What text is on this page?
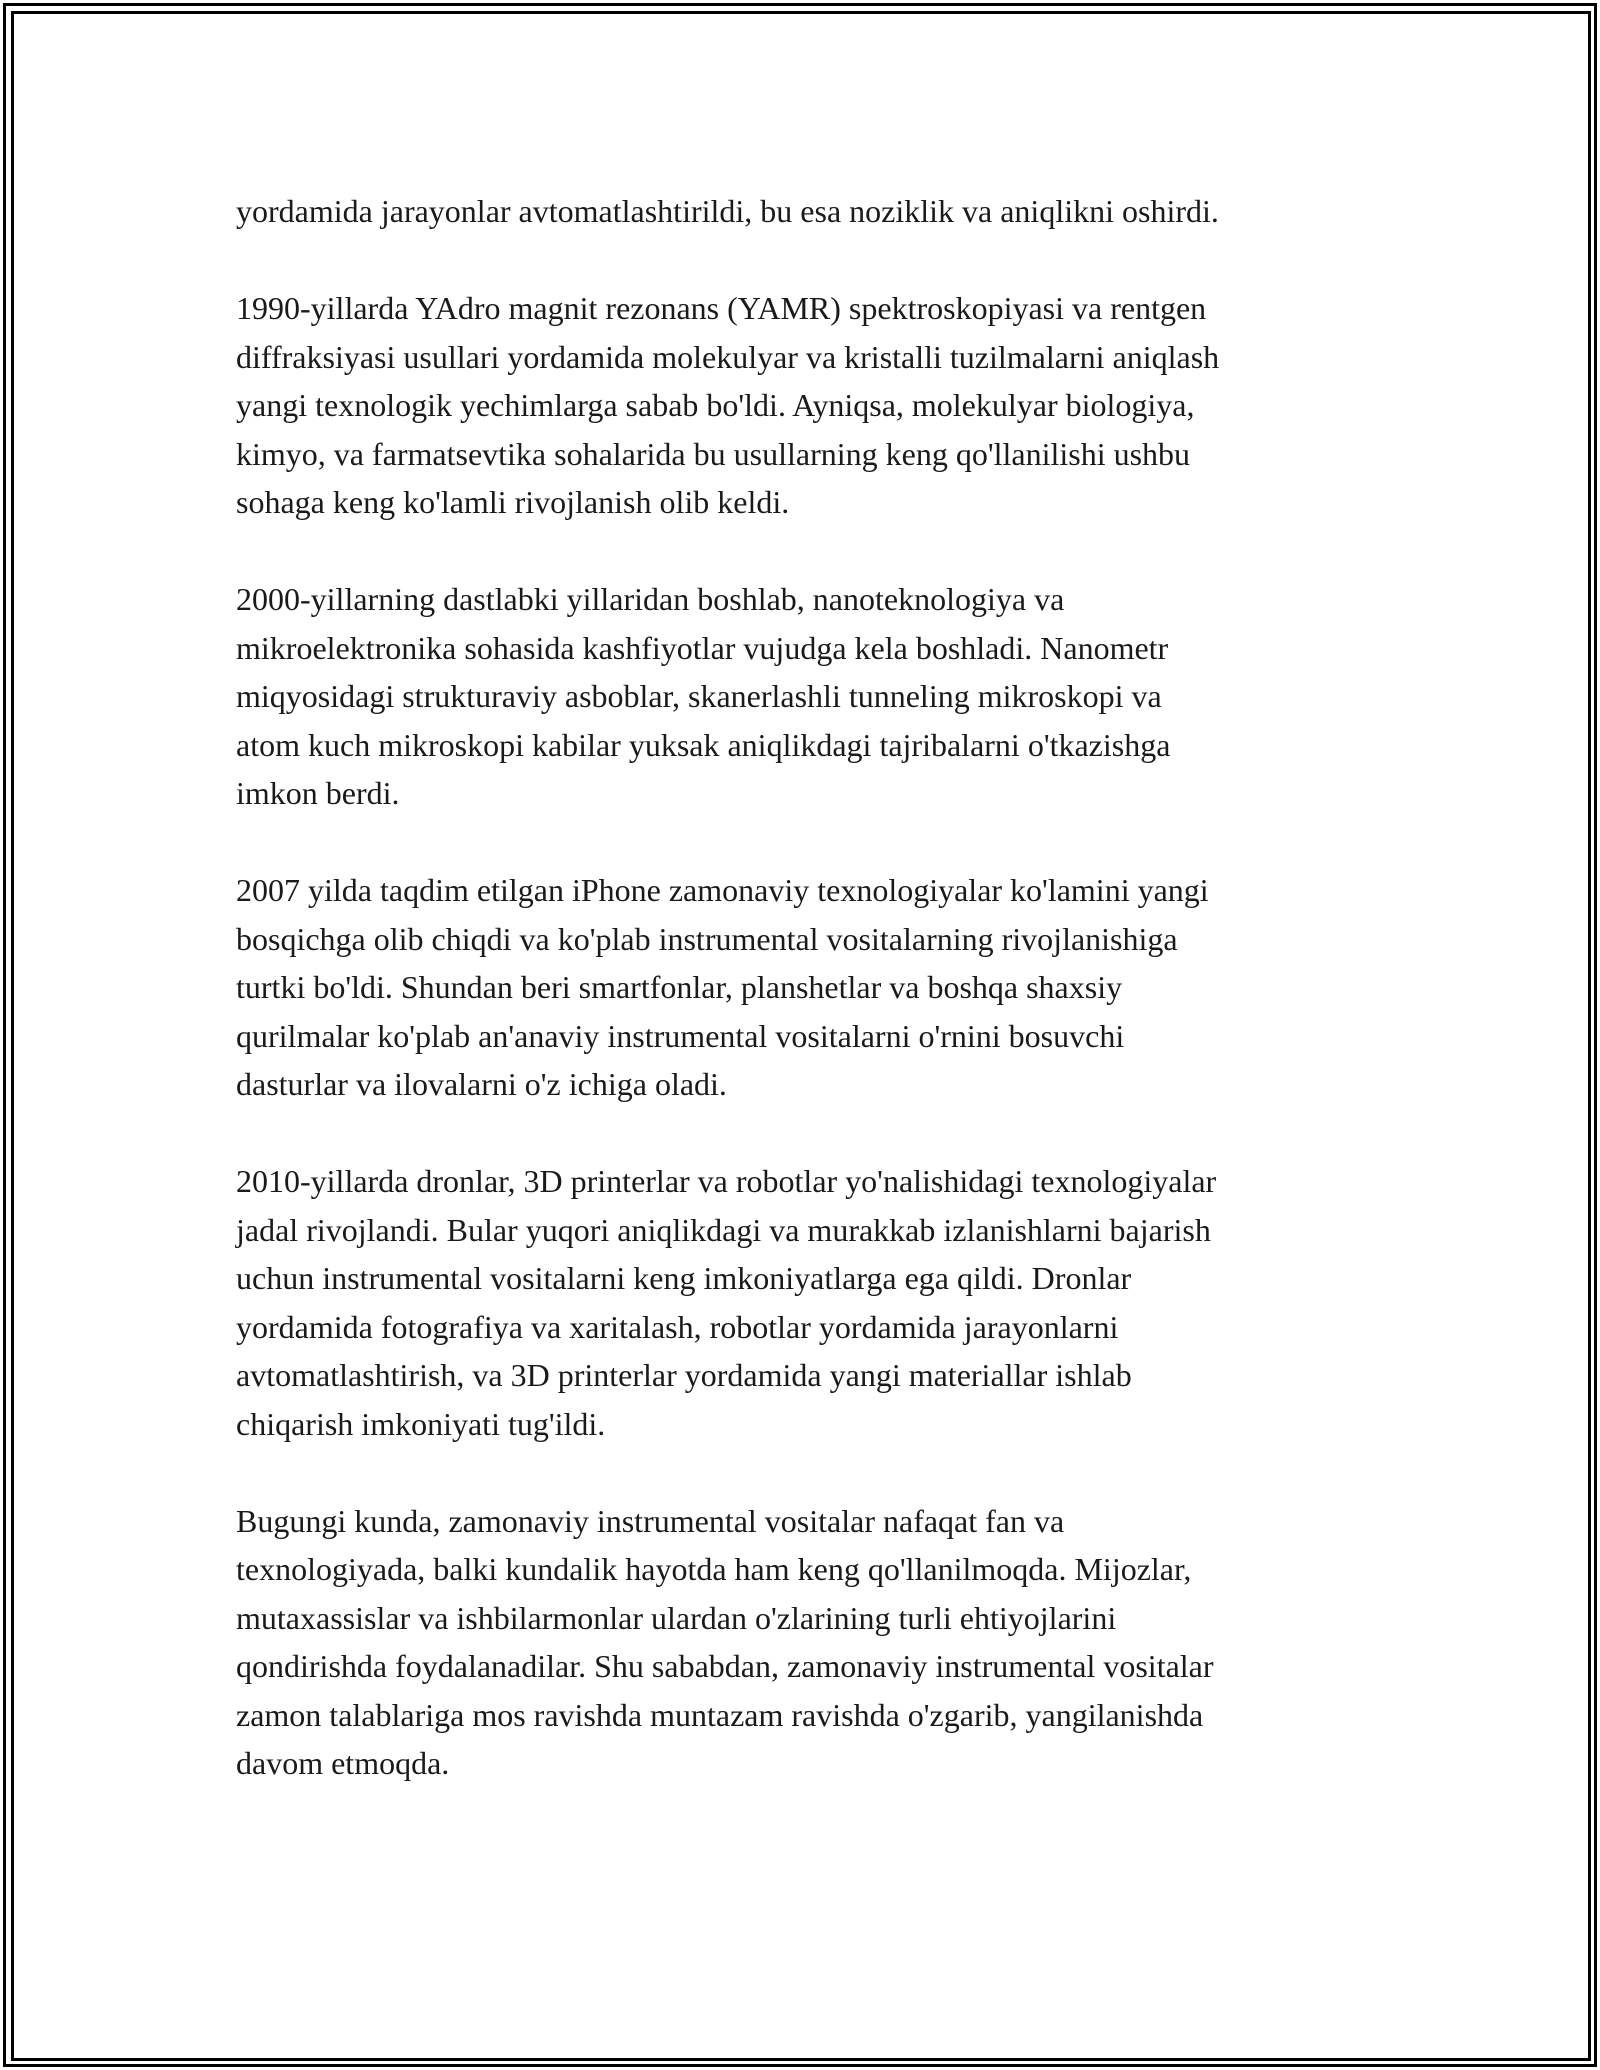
yordamida jarayonlar avtomatlashtirildi, bu esa noziklik va aniqlikni oshirdi.

1990-yillarda YAdro magnit rezonans (YAMR) spektroskopiyasi va rentgen
diffraksiyasi usullari yordamida molekulyar va kristalli tuzilmalarni aniqlash
yangi texnologik yechimlarga sabab bo'ldi. Ayniqsa, molekulyar biologiya,
kimyo, va farmatsevtika sohalarida bu usullarning keng qo'llanilishi ushbu
sohaga keng ko'lamli rivojlanish olib keldi.

2000-yillarning dastlabki yillaridan boshlab, nanoteknologiya va
mikroelektronika sohasida kashfiyotlar vujudga kela boshladi. Nanometr
miqyosidagi strukturaviy asboblar, skanerlashli tunneling mikroskopi va
atom kuch mikroskopi kabilar yuksak aniqlikdagi tajribalarni o'tkazishga
imkon berdi.

2007 yilda taqdim etilgan iPhone zamonaviy texnologiyalar ko'lamini yangi
bosqichga olib chiqdi va ko'plab instrumental vositalarning rivojlanishiga
turtki bo'ldi. Shundan beri smartfonlar, planshetlar va boshqa shaxsiy
qurilmalar ko'plab an'anaviy instrumental vositalarni o'rnini bosuvchi
dasturlar va ilovalarni o'z ichiga oladi.

2010-yillarda dronlar, 3D printerlar va robotlar yo'nalishidagi texnologiyalar
jadal rivojlandi. Bular yuqori aniqlikdagi va murakkab izlanishlarni bajarish
uchun instrumental vositalarni keng imkoniyatlarga ega qildi. Dronlar
yordamida fotografiya va xaritalash, robotlar yordamida jarayonlarni
avtomatlashtirish, va 3D printerlar yordamida yangi materiallar ishlab
chiqarish imkoniyati tug'ildi.

Bugungi kunda, zamonaviy instrumental vositalar nafaqat fan va
texnologiyada, balki kundalik hayotda ham keng qo'llanilmoqda. Mijozlar,
mutaxassislar va ishbilarmonlar ulardan o'zlarining turli ehtiyojlarini
qondirishda foydalanadilar. Shu sababdan, zamonaviy instrumental vositalar
zamon talablariga mos ravishda muntazam ravishda o'zgarib, yangilanishda
davom etmoqda.
